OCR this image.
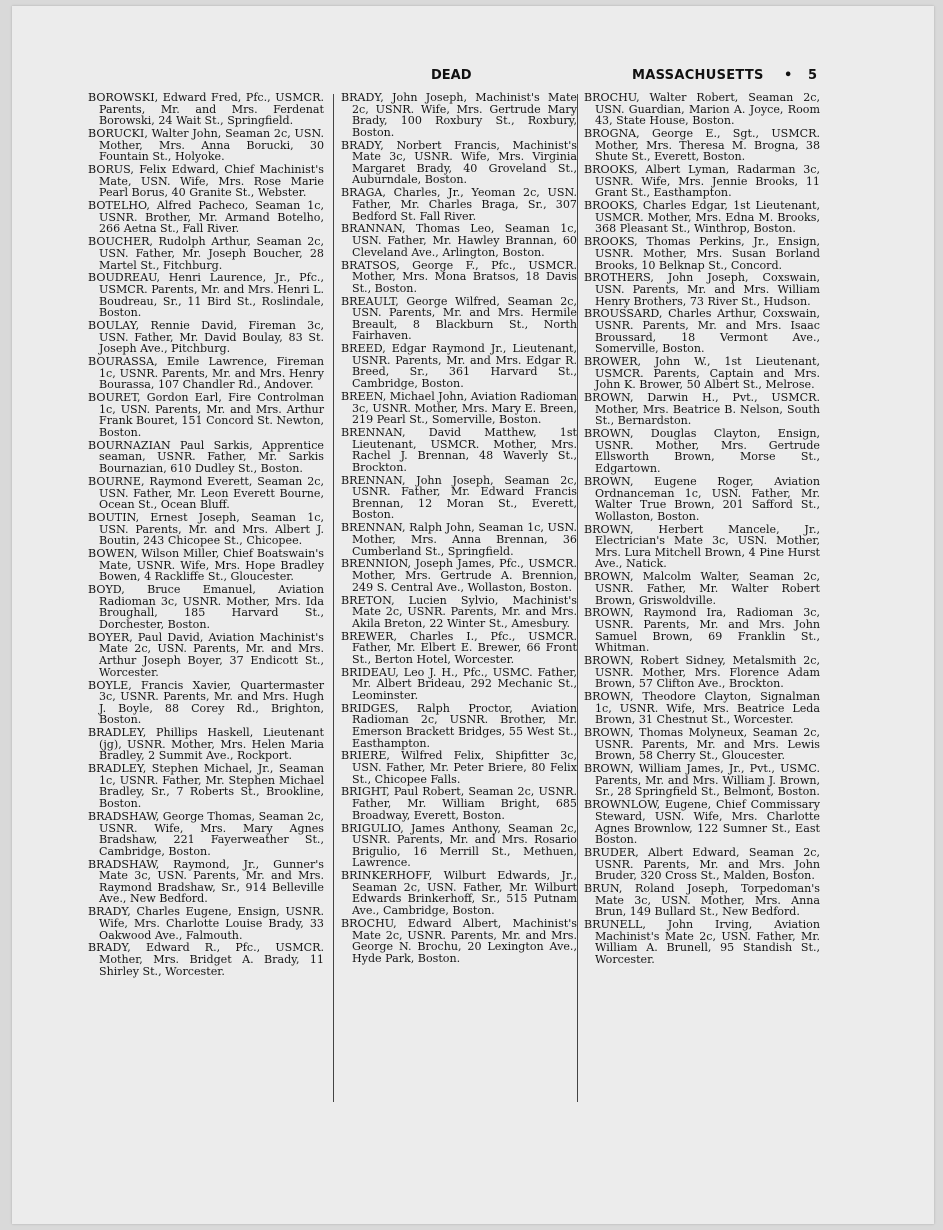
DEAD	MASSACHUSETTS • 5

BOROWSKI, Edward Fred, Pfc., USMCR. Parents, Mr. and Mrs. Ferdenat Borowski, 24 Wait St., Springfield.

BORUCKI, Walter John, Seaman 2c, USN. Mother, Mrs. Anna Borucki, 30 Fountain St., Holyoke.

BORUS, Felix Edward, Chief Machinist's Mate, USN. Wife, Mrs. Rose Marie Pearl Borus, 40 Granite St., Webster.

BOTELHO, Alfred Pacheco, Seaman 1c, USNR. Brother, Mr. Armand Botelho, 266 Aetna St., Fall River.

BOUCHER, Rudolph Arthur, Seaman 2c, USN. Father, Mr. Joseph Boucher, 28 Martel St., Fitchburg.

BOUDREAU, Henri Laurence, Jr., Pfc., USMCR. Parents, Mr. and Mrs. Henri L. Boudreau, Sr., 11 Bird St., Roslindale, Boston.

BOULAY, Rennie David, Fireman 3c, USN. Father, Mr. David Boulay, 83 St. Joseph Ave., Pitchburg.

BOURASSA, Emile Lawrence, Fireman 1c, USNR. Parents, Mr. and Mrs. Henry Bourassa, 107 Chandler Rd., Andover.

BOURET, Gordon Earl, Fire Controlman 1c, USN. Parents, Mr. and Mrs. Arthur Frank Bouret, 151 Concord St. Newton, Boston.

BOURNAZIAN Paul Sarkis, Apprentice seaman, USNR. Father, Mr. Sarkis Bournazian, 610 Dudley St., Boston.

BOURNE, Raymond Everett, Seaman 2c, USN. Father, Mr. Leon Everett Bourne, Ocean St., Ocean Bluff.

BOUTIN, Ernest Joseph, Seaman 1c, USN. Parents, Mr. and Mrs. Albert J. Boutin, 243 Chicopee St., Chicopee.

BOWEN, Wilson Miller, Chief Boatswain's Mate, USNR. Wife, Mrs. Hope Bradley Bowen, 4 Rackliffe St., Gloucester.

BOYD, Bruce Emanuel, Aviation Radioman 3c, USNR. Mother, Mrs. Ida Broughall, 185 Harvard St., Dorchester, Boston.

BOYER, Paul David, Aviation Machinist's Mate 2c, USN. Parents, Mr. and Mrs. Arthur Joseph Boyer, 37 Endicott St., Worcester.

BOYLE, Francis Xavier, Quartermaster 3c, USNR. Parents, Mr. and Mrs. Hugh J. Boyle, 88 Corey Rd., Brighton, Boston.

BRADLEY, Phillips Haskell, Lieutenant (jg), USNR. Mother, Mrs. Helen Maria Bradley, 2 Summit Ave., Rockport.

BRADLEY, Stephen Michael, Jr., Seaman 1c, USNR. Father, Mr. Stephen Michael Bradley, Sr., 7 Roberts St., Brookline, Boston.

BRADSHAW, George Thomas, Seaman 2c, USNR. Wife, Mrs. Mary Agnes Bradshaw, 221 Fayerweather St., Cambridge, Boston.

BRADSHAW, Raymond, Jr., Gunner's Mate 3c, USN. Parents, Mr. and Mrs. Raymond Bradshaw, Sr., 914 Belleville Ave., New Bedford.

BRADY, Charles Eugene, Ensign, USNR. Wife, Mrs. Charlotte Louise Brady, 33 Oakwood Ave., Falmouth.

BRADY, Edward R., Pfc., USMCR. Mother, Mrs. Bridget A. Brady, 11 Shirley St., Worcester.

BRADY, John Joseph, Machinist's Mate 2c, USNR. Wife, Mrs. Gertrude Mary Brady, 100 Roxbury St., Roxbury, Boston.

BRADY, Norbert Francis, Machinist's Mate 3c, USNR. Wife, Mrs. Virginia Margaret Brady, 40 Groveland St., Auburndale, Boston.

BRAGA, Charles, Jr., Yeoman 2c, USN. Father, Mr. Charles Braga, Sr., 307 Bedford St. Fall River.

BRANNAN, Thomas Leo, Seaman 1c, USN. Father, Mr. Hawley Brannan, 60 Cleveland Ave., Arlington, Boston.

BRATSOS, George F., Pfc., USMCR. Mother, Mrs. Mona Bratsos, 18 Davis St., Boston.

BREAULT, George Wilfred, Seaman 2c, USN. Parents, Mr. and Mrs. Hermile Breault, 8 Blackburn St., North Fairhaven.

BREED, Edgar Raymond Jr., Lieutenant, USNR. Parents, Mr. and Mrs. Edgar R. Breed, Sr., 361 Harvard St., Cambridge, Boston.

BREEN, Michael John, Aviation Radioman 3c, USNR. Mother, Mrs. Mary E. Breen, 219 Pearl St., Somerville, Boston.

BRENNAN, David Matthew, 1st Lieutenant, USMCR. Mother, Mrs. Rachel J. Brennan, 48 Waverly St., Brockton.

BRENNAN, John Joseph, Seaman 2c, USNR. Father, Mr. Edward Francis Brennan, 12 Moran St., Everett, Boston.

BRENNAN, Ralph John, Seaman 1c, USN. Mother, Mrs. Anna Brennan, 36 Cumberland St., Springfield.

BRENNION, Joseph James, Pfc., USMCR. Mother, Mrs. Gertrude A. Brennion, 249 S. Central Ave., Wollaston, Boston.

BRETON, Lucien Sylvio, Machinist's Mate 2c, USNR. Parents, Mr. and Mrs. Akila Breton, 22 Winter St., Amesbury.

BREWER, Charles I., Pfc., USMCR. Father, Mr. Elbert E. Brewer, 66 Front St., Berton Hotel, Worcester.

BRIDEAU, Leo J. H., Pfc., USMC. Father, Mr. Albert Brideau, 292 Mechanic St., Leominster.

BRIDGES, Ralph Proctor, Aviation Radioman 2c, USNR. Brother, Mr. Emerson Brackett Bridges, 55 West St., Easthampton.

BRIERE, Wilfred Felix, Shipfitter 3c, USN. Father, Mr. Peter Briere, 80 Felix St., Chicopee Falls.

BRIGHT, Paul Robert, Seaman 2c, USNR. Father, Mr. William Bright, 685 Broadway, Everett, Boston.

BRIGULIO, James Anthony, Seaman 2c, USNR. Parents, Mr. and Mrs. Rosario Brigulio, 16 Merrill St., Methuen, Lawrence.

BRINKERHOFF, Wilburt Edwards, Jr., Seaman 2c, USN. Father, Mr. Wilburt Edwards Brinkerhoff, Sr., 515 Putnam Ave., Cambridge, Boston.

BROCHU, Edward Albert, Machinist's Mate 2c, USNR. Parents, Mr. and Mrs. George N. Brochu, 20 Lexington Ave., Hyde Park, Boston.

BROCHU, Walter Robert, Seaman 2c, USN. Guardian, Marion A. Joyce, Room 43, State House, Boston.

BROGNA, George E., Sgt., USMCR. Mother, Mrs. Theresa M. Brogna, 38 Shute St., Everett, Boston.

BROOKS, Albert Lyman, Radarman 3c, USNR. Wife, Mrs. Jennie Brooks, 11 Grant St., Easthampton.

BROOKS, Charles Edgar, 1st Lieutenant, USMCR. Mother, Mrs. Edna M. Brooks, 368 Pleasant St., Winthrop, Boston.

BROOKS, Thomas Perkins, Jr., Ensign, USNR. Mother, Mrs. Susan Borland Brooks, 10 Belknap St., Concord.

BROTHERS, John Joseph, Coxswain, USN. Parents, Mr. and Mrs. William Henry Brothers, 73 River St., Hudson.

BROUSSARD, Charles Arthur, Coxswain, USNR. Parents, Mr. and Mrs. Isaac Broussard, 18 Vermont Ave., Somerville, Boston.

BROWER, John W., 1st Lieutenant, USMCR. Parents, Captain and Mrs. John K. Brower, 50 Albert St., Melrose.

BROWN, Darwin H., Pvt., USMCR. Mother, Mrs. Beatrice B. Nelson, South St., Bernardston.

BROWN, Douglas Clayton, Ensign, USNR. Mother, Mrs. Gertrude Ellsworth Brown, Morse St., Edgartown.

BROWN, Eugene Roger, Aviation Ordnanceman 1c, USN. Father, Mr. Walter True Brown, 201 Safford St., Wollaston, Boston.

BROWN, Herbert Mancele, Jr., Electrician's Mate 3c, USN. Mother, Mrs. Lura Mitchell Brown, 4 Pine Hurst Ave., Natick.

BROWN, Malcolm Walter, Seaman 2c, USNR. Father, Mr. Walter Robert Brown, Griswoldville.

BROWN, Raymond Ira, Radioman 3c, USNR. Parents, Mr. and Mrs. John Samuel Brown, 69 Franklin St., Whitman.

BROWN, Robert Sidney, Metalsmith 2c, USNR. Mother, Mrs. Florence Adam Brown, 57 Clifton Ave., Brockton.

BROWN, Theodore Clayton, Signalman 1c, USNR. Wife, Mrs. Beatrice Leda Brown, 31 Chestnut St., Worcester.

BROWN, Thomas Molyneux, Seaman 2c, USNR. Parents, Mr. and Mrs. Lewis Brown, 58 Cherry St., Gloucester.

BROWN, William James, Jr., Pvt., USMC. Parents, Mr. and Mrs. William J. Brown, Sr., 28 Springfield St., Belmont, Boston.

BROWNLOW, Eugene, Chief Commissary Steward, USN. Wife, Mrs. Charlotte Agnes Brownlow, 122 Sumner St., East Boston.

BRUDER, Albert Edward, Seaman 2c, USNR. Parents, Mr. and Mrs. John Bruder, 320 Cross St., Malden, Boston.

BRUN, Roland Joseph, Torpedoman's Mate 3c, USN. Mother, Mrs. Anna Brun, 149 Bullard St., New Bedford.

BRUNELL, John Irving, Aviation Machinist's Mate 2c, USN. Father, Mr. William A. Brunell, 95 Standish St., Worcester.
